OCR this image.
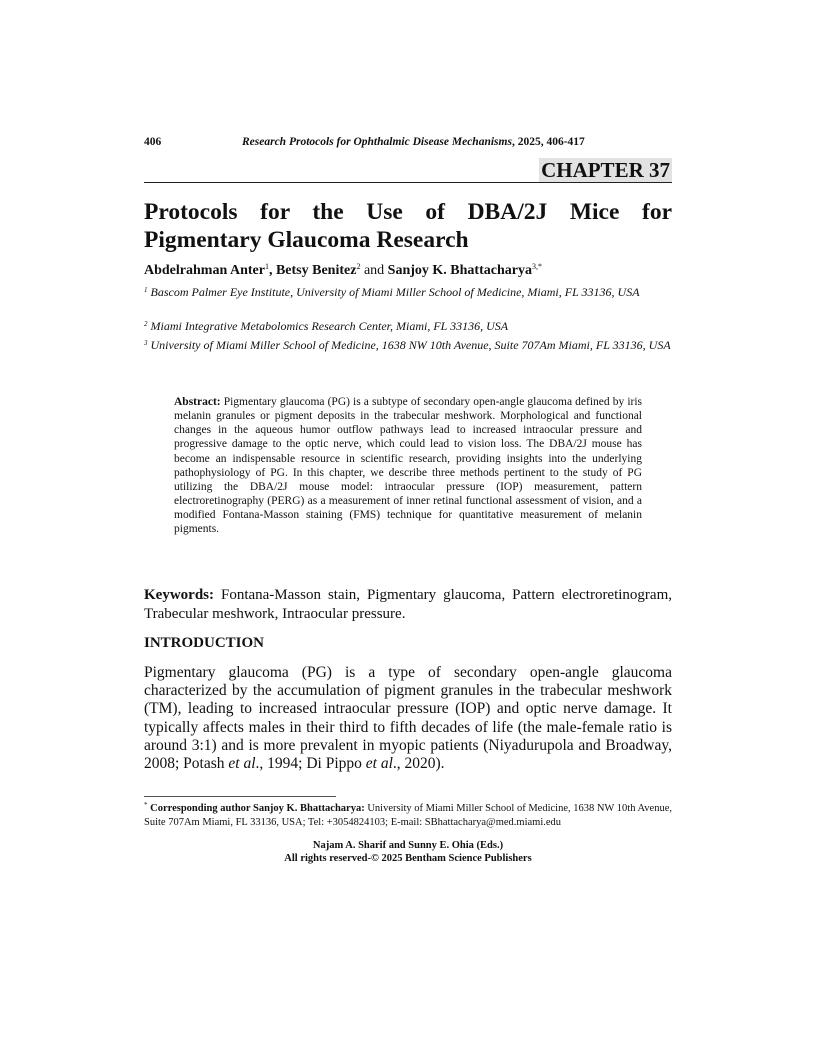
406	Research Protocols for Ophthalmic Disease Mechanisms, 2025, 406-417
CHAPTER 37
Protocols for the Use of DBA/2J Mice for Pigmentary Glaucoma Research
Abdelrahman Anter$^1$, Betsy Benitez$^2$ and Sanjoy K. Bhattacharya$^{3,*}$
$^1$ Bascom Palmer Eye Institute, University of Miami Miller School of Medicine, Miami, FL 33136, USA
$^2$ Miami Integrative Metabolomics Research Center, Miami, FL 33136, USA
$^3$ University of Miami Miller School of Medicine, 1638 NW 10th Avenue, Suite 707Am Miami, FL 33136, USA

Abstract: Pigmentary glaucoma (PG) is a subtype of secondary open-angle glaucoma defined by iris melanin granules or pigment deposits in the trabecular meshwork. Morphological and functional changes in the aqueous humor outflow pathways lead to increased intraocular pressure and progressive damage to the optic nerve, which could lead to vision loss. The DBA/2J mouse has become an indispensable resource in scientific research, providing insights into the underlying pathophysiology of PG. In this chapter, we describe three methods pertinent to the study of PG utilizing the DBA/2J mouse model: intraocular pressure (IOP) measurement, pattern electroretinography (PERG) as a measurement of inner retinal functional assessment of vision, and a modified Fontana-Masson staining (FMS) technique for quantitative measurement of melanin pigments.

Keywords: Fontana-Masson stain, Pigmentary glaucoma, Pattern electroretinogram, Trabecular meshwork, Intraocular pressure.

INTRODUCTION

Pigmentary glaucoma (PG) is a type of secondary open-angle glaucoma characterized by the accumulation of pigment granules in the trabecular meshwork (TM), leading to increased intraocular pressure (IOP) and optic nerve damage. It typically affects males in their third to fifth decades of life (the male-female ratio is around 3:1) and is more prevalent in myopic patients (Niyadurupola and Broadway, 2008; Potash et al., 1994; Di Pippo et al., 2020).

* Corresponding author Sanjoy K. Bhattacharya: University of Miami Miller School of Medicine, 1638 NW 10th Avenue, Suite 707Am Miami, FL 33136, USA; Tel: +3054824103; E-mail: SBhattacharya@med.miami.edu

Najam A. Sharif and Sunny E. Ohia (Eds.)
All rights reserved-© 2025 Bentham Science Publishers
